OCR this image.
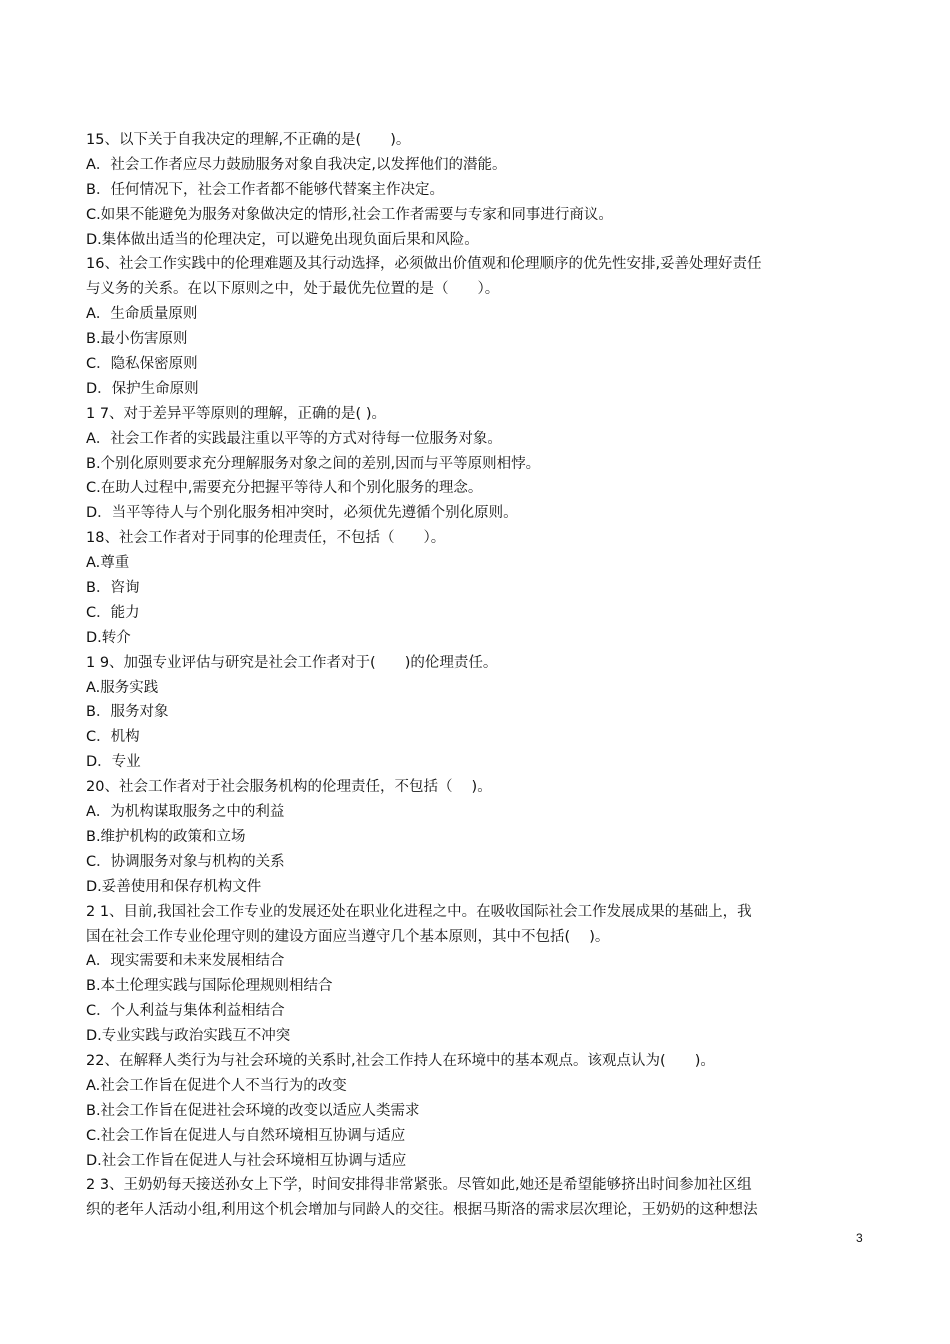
15、以下关于自我决定的理解,不正确的是(　　)。
A．社会工作者应尽力鼓励服务对象自我决定,以发挥他们的潜能。
B．任何情况下，社会工作者都不能够代替案主作决定。
C.如果不能避免为服务对象做决定的情形,社会工作者需要与专家和同事进行商议。
D.集体做出适当的伦理决定，可以避免出现负面后果和风险。
16、社会工作实践中的伦理难题及其行动选择，必须做出价值观和伦理顺序的优先性安排,妥善处理好责任
与义务的关系。在以下原则之中，处于最优先位置的是（　　）。
A．生命质量原则
B.最小伤害原则
C．隐私保密原则
D．保护生命原则
1 7、对于差异平等原则的理解，正确的是( )。
A．社会工作者的实践最注重以平等的方式对待每一位服务对象。
B.个别化原则要求充分理解服务对象之间的差别,因而与平等原则相悖。
C.在助人过程中,需要充分把握平等待人和个别化服务的理念。
D．当平等待人与个别化服务相冲突时，必须优先遵循个别化原则。
18、社会工作者对于同事的伦理责任，不包括（　　）。
A.尊重
B．咨询
C．能力
D.转介
1 9、加强专业评估与研究是社会工作者对于(　　)的伦理责任。
A.服务实践
B．服务对象
C．机构
D．专业
20、社会工作者对于社会服务机构的伦理责任，不包括（　 )。
A．为机构谋取服务之中的利益
B.维护机构的政策和立场
C．协调服务对象与机构的关系
D.妥善使用和保存机构文件
2 1、目前,我国社会工作专业的发展还处在职业化进程之中。在吸收国际社会工作发展成果的基础上，我
国在社会工作专业伦理守则的建设方面应当遵守几个基本原则，其中不包括(　 )。
A．现实需要和未来发展相结合
B.本土伦理实践与国际伦理规则相结合
C．个人利益与集体利益相结合
D.专业实践与政治实践互不冲突
22、在解释人类行为与社会环境的关系时,社会工作持人在环境中的基本观点。该观点认为(　　)。
A.社会工作旨在促进个人不当行为的改变
B.社会工作旨在促进社会环境的改变以适应人类需求
C.社会工作旨在促进人与自然环境相互协调与适应
D.社会工作旨在促进人与社会环境相互协调与适应
2 3、王奶奶每天接送孙女上下学，时间安排得非常紧张。尽管如此,她还是希望能够挤出时间参加社区组
织的老年人活动小组,利用这个机会增加与同龄人的交往。根据马斯洛的需求层次理论，王奶奶的这种想法
3
